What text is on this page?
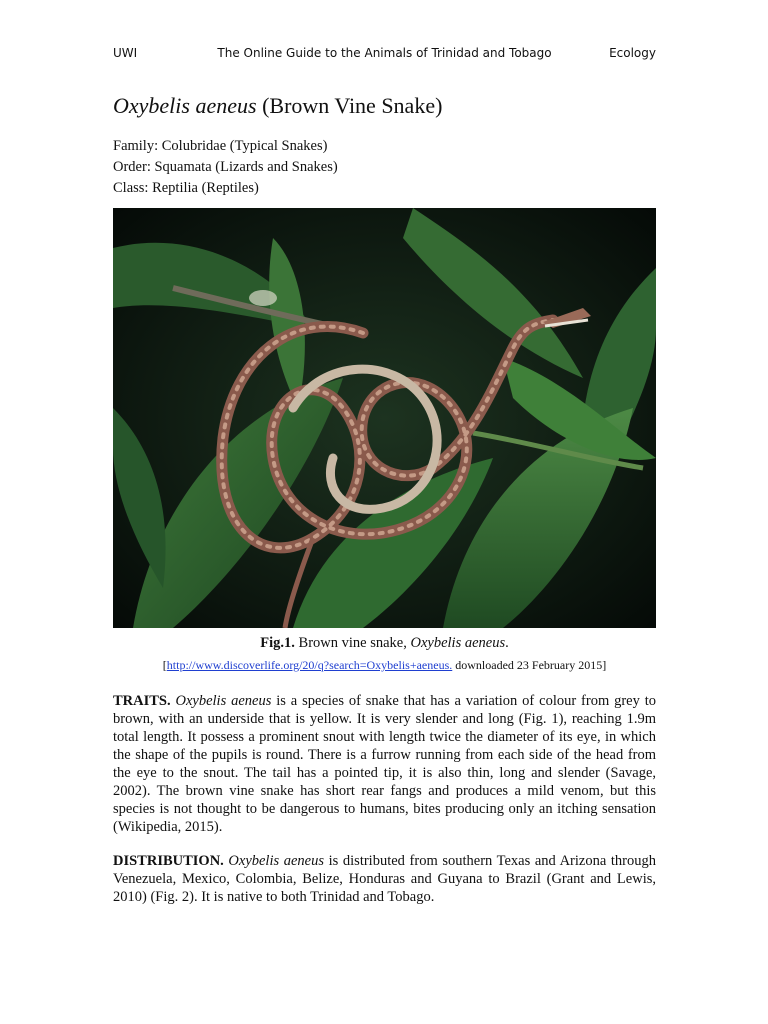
UWI	The Online Guide to the Animals of Trinidad and Tobago	Ecology
Oxybelis aeneus (Brown Vine Snake)
Family: Colubridae (Typical Snakes)
Order: Squamata (Lizards and Snakes)
Class: Reptilia (Reptiles)
Fig.1. Brown vine snake, Oxybelis aeneus.
[http://www.discoverlife.org/20/q?search=Oxybelis+aeneus. downloaded 23 February 2015]
TRAITS. Oxybelis aeneus is a species of snake that has a variation of colour from grey to brown, with an underside that is yellow. It is very slender and long (Fig. 1), reaching 1.9m total length. It possess a prominent snout with length twice the diameter of its eye, in which the shape of the pupils is round. There is a furrow running from each side of the head from the eye to the snout. The tail has a pointed tip, it is also thin, long and slender (Savage, 2002). The brown vine snake has short rear fangs and produces a mild venom, but this species is not thought to be dangerous to humans, bites producing only an itching sensation (Wikipedia, 2015).
DISTRIBUTION. Oxybelis aeneus is distributed from southern Texas and Arizona through Venezuela, Mexico, Colombia, Belize, Honduras and Guyana to Brazil (Grant and Lewis, 2010) (Fig. 2). It is native to both Trinidad and Tobago.
